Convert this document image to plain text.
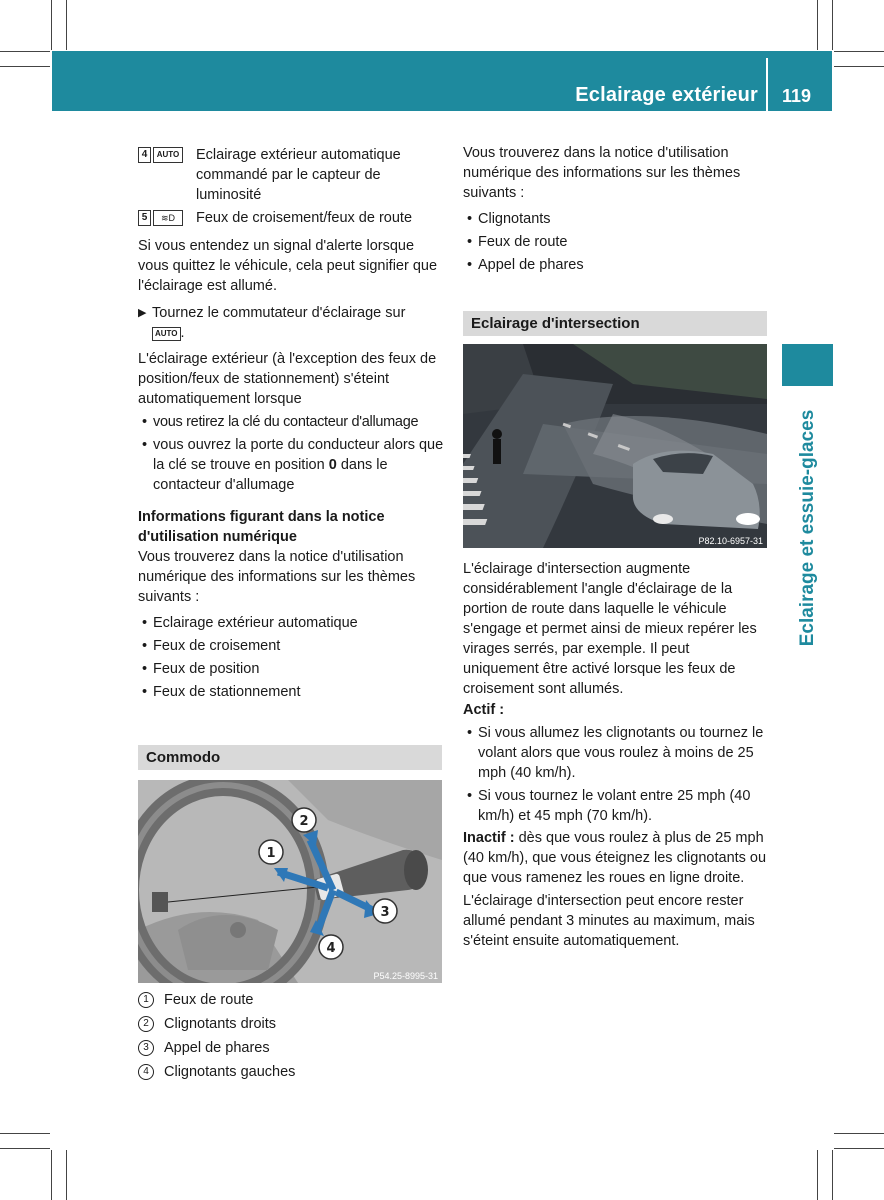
Eclairage extérieur 119
Eclairage et essuie-glaces
4	AUTO Eclairage extérieur automatique commandé par le capteur de luminosité

5	≋D	Feux de croisement/feux de route

Si vous entendez un signal d'alerte lorsque vous quittez le véhicule, cela peut signifier que l'éclairage est allumé.

▶ Tournez le commutateur d'éclairage sur
AUTO .

L'éclairage extérieur (à l'exception des feux de position/feux de stationnement) s'éteint automatiquement lorsque

• vous retirez la clé du contacteur d'allumage
• vous ouvrez la porte du conducteur alors que la clé se trouve en position 0 dans le contacteur d'allumage

Informations figurant dans la notice d'utilisation numérique

Vous trouverez dans la notice d'utilisation numérique des informations sur les thèmes suivants :

• Eclairage extérieur automatique
• Feux de croisement
• Feux de position
• Feux de stationnement
Commodo
2
1
3
4
P54.25-8995-31
1	Feux de route
2	Clignotants droits
3	Appel de phares
4	Clignotants gauches

Vous trouverez dans la notice d'utilisation numérique des informations sur les thèmes suivants :

• Clignotants
• Feux de route
• Appel de phares
Eclairage d'intersection
P82.10-6957-31

L'éclairage d'intersection augmente considérablement l'angle d'éclairage de la portion de route dans laquelle le véhicule s'engage et permet ainsi de mieux repérer les virages serrés, par exemple. Il peut uniquement être activé lorsque les feux de croisement sont allumés.

Actif :

• Si vous allumez les clignotants ou tournez le volant alors que vous roulez à moins de 25 mph (40 km/h).
• Si vous tournez le volant entre 25 mph (40 km/h) et 45 mph (70 km/h).

Inactif : dès que vous roulez à plus de 25 mph (40 km/h), que vous éteignez les clignotants ou que vous ramenez les roues en ligne droite.

L'éclairage d'intersection peut encore rester allumé pendant 3 minutes au maximum, mais s'éteint ensuite automatiquement.
